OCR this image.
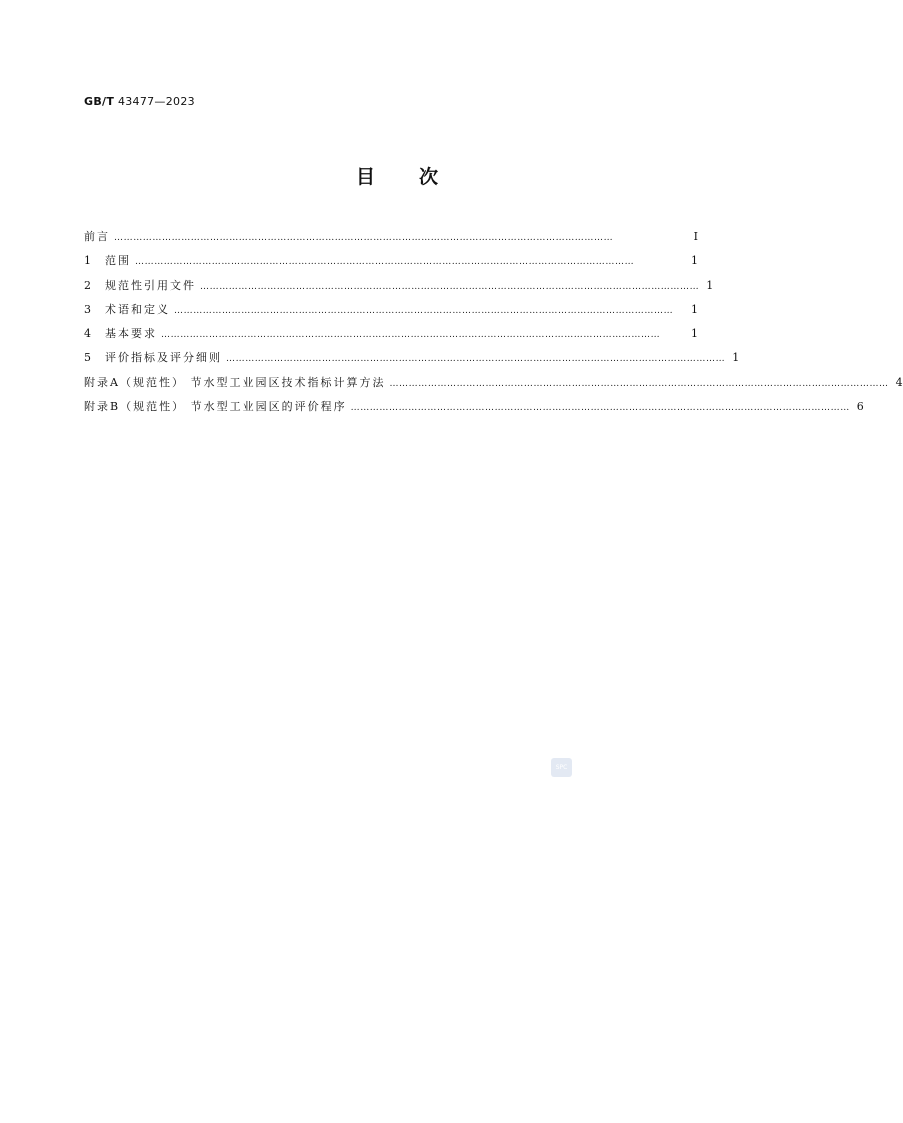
GB/T 43477—2023
目次
前言 …………………………………………………………………………………………………………………………………………	Ⅰ
1	范围 …………………………………………………………………………………………………………………………………………	1
2	规范性引用文件 ………………………………………………………………………………………………………………………………………… 1
3	术语和定义 …………………………………………………………………………………………………………………………………………	1
4	基本要求 …………………………………………………………………………………………………………………………………………	1
5	评价指标及评分细则 ………………………………………………………………………………………………………………………………………… 1
附录A（规范性） 节水型工业园区技术指标计算方法 ………………………………………………………………………………………………………………………………………… 4
附录B（规范性） 节水型工业园区的评价程序 ………………………………………………………………………………………………………………………………………… 6
SPC
